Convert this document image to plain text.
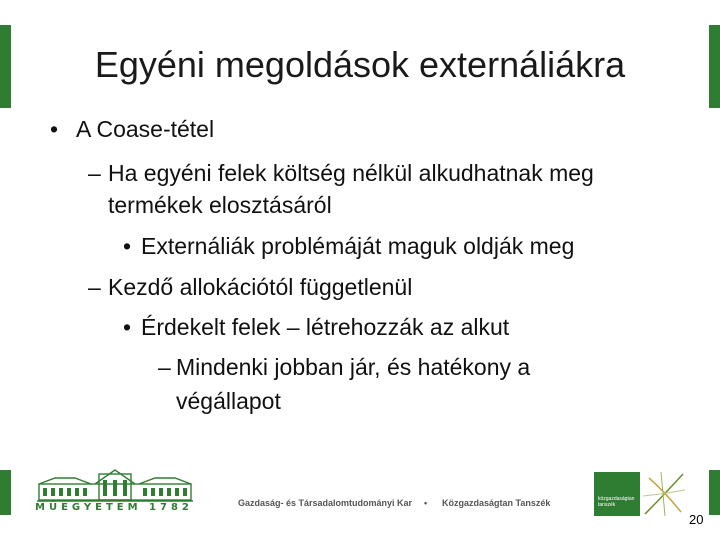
Egyéni megoldások externáliákra
• A Coase-tétel
– Ha egyéni felek költség nélkül alkudhatnak meg
termékek elosztásáról
• Externáliák problémáját maguk oldják meg
– Kezdő allokációtól függetlenül
• Érdekelt felek – létrehozzák az alkut
– Mindenki jobban jár, és hatékony a
végállapot
MŰEGYETEM 1782	Gazdaság- és Társadalomtudományi Kar • Közgazdaságtan Tanszék	közgazdaságtan
tanszék
20
